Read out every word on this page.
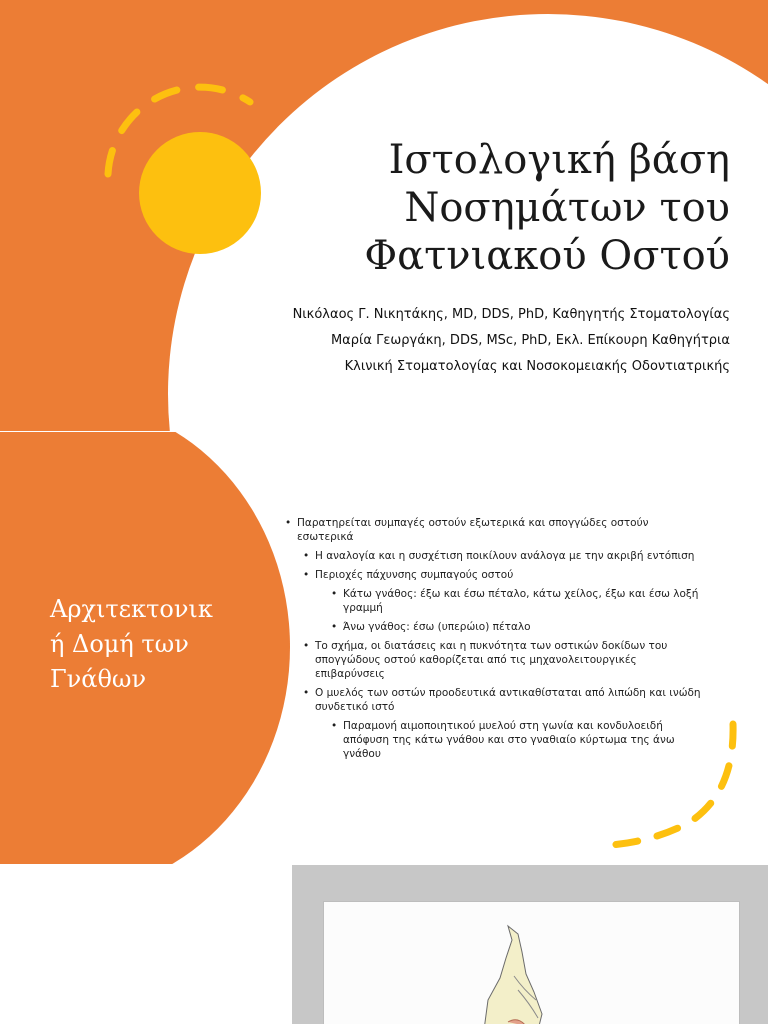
Ιστολογική βάση
Νοσημάτων του
Φατνιακού Οστού
Νικόλαος Γ. Νικητάκης, MD, DDS, PhD, Καθηγητής Στοματολογίας
Μαρία Γεωργάκη, DDS, MSc, PhD, Εκλ. Επίκουρη Καθηγήτρια
Κλινική Στοματολογίας και Νοσοκομειακής Οδοντιατρικής
Αρχιτεκτονικ
ή Δομή των
Γνάθων
• Παρατηρείται συμπαγές οστούν εξωτερικά και σπογγώδες οστούν εσωτερικά
• Η αναλογία και η συσχέτιση ποικίλουν ανάλογα με την ακριβή εντόπιση
• Περιοχές πάχυνσης συμπαγούς οστού
• Κάτω γνάθος: έξω και έσω πέταλο, κάτω χείλος, έξω και έσω λοξή γραμμή
• Άνω γνάθος: έσω (υπερώιο) πέταλο
• Το σχήμα, οι διατάσεις και η πυκνότητα των οστικών δοκίδων του σπογγώδους οστού καθορίζεται από τις μηχανολειτουργικές επιβαρύνσεις
• Ο μυελός των οστών προοδευτικά αντικαθίσταται από λιπώδη και ινώδη συνδετικό ιστό
• Παραμονή αιμοποιητικού μυελού στη γωνία και κονδυλοειδή απόφυση της κάτω γνάθου και στο γναθιαίο κύρτωμα της άνω γνάθου
